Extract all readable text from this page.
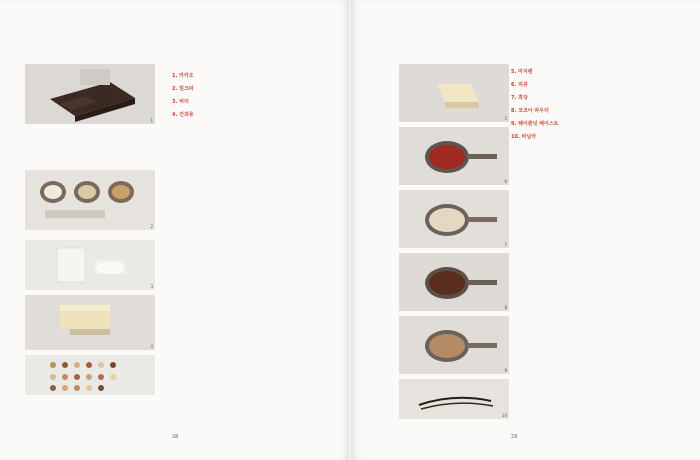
1
2
3
4

1. 카카오

2. 밀크파

3. 버터

4. 건과류

28
5
6
7
8
9
10
5. 마지팬

6. 리큐

7. 흑당

8. 코코아 파우더

9. 헤이즐넛 페이스트

10. 바닐라

29
